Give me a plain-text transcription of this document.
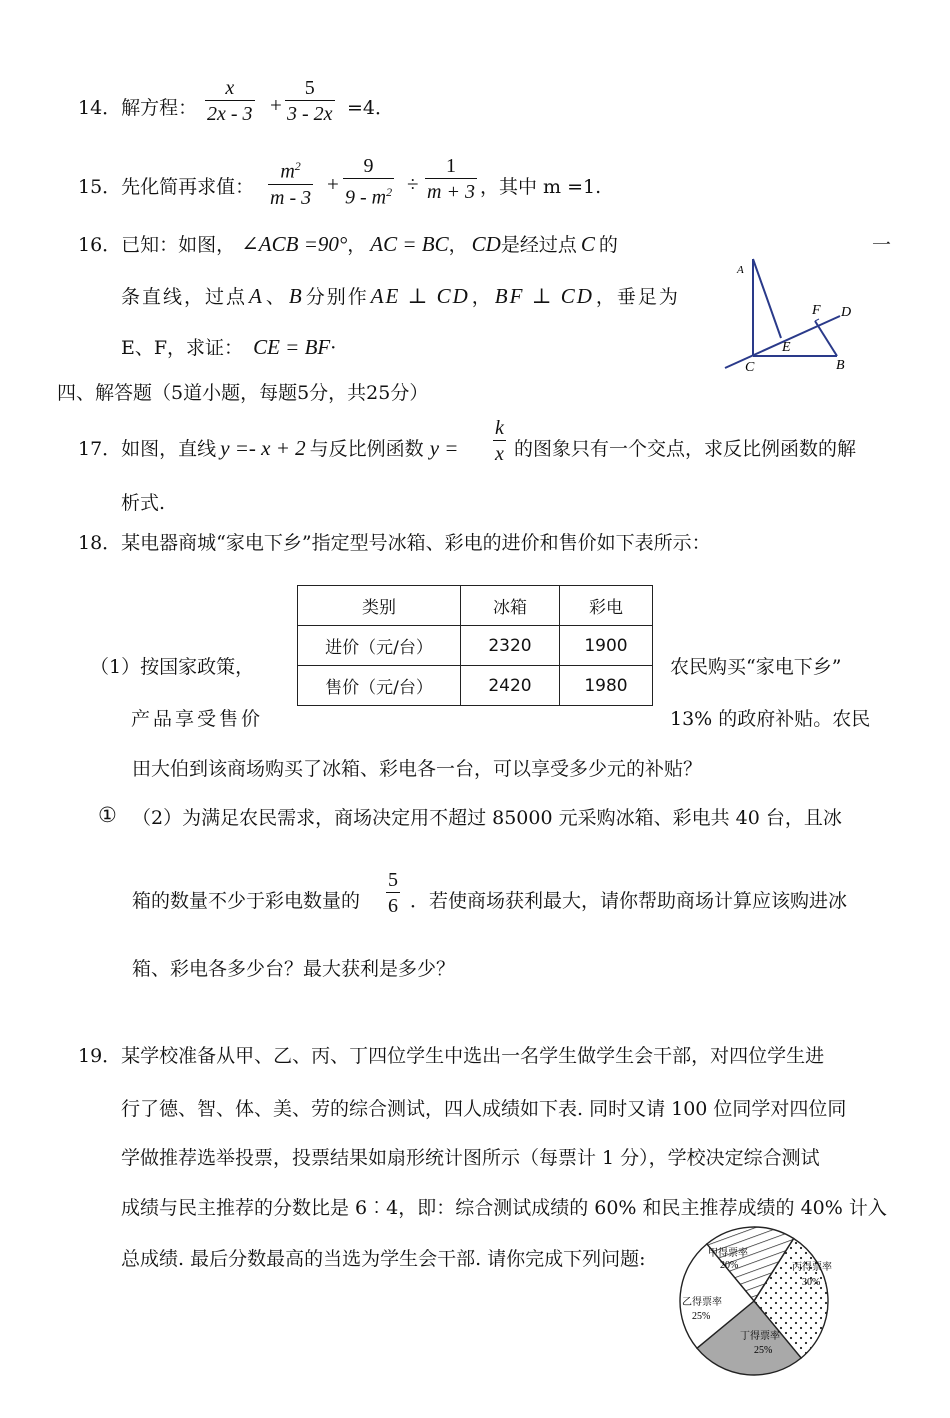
14．解方程：
x
2x - 3 +
5
3 - 2x =4．
15．先化简再求值：
$m^2$
m - 3
+
9
$9 - m^2$ ÷
1
m + 3 ，其中 m =1.
16．已知：如图， ∠ACB =90°， AC = BC， CD是经过点 C 的	一
条直线，过点A 、B 分别作AE ⊥ CD ，BF ⊥ CD ，垂足为
E、F，求证： CE = BF·
A
C
E
F D
B
四、解答题（5道小题，每题5分，共25分）
17．如图，直线 y =- x + 2 与反比例函数 y =
k
x 的图象只有一个交点，求反比例函数的解
析式.
18．某电器商城“家电下乡”指定型号冰箱、彩电的进价和售价如下表所示：
类别	冰箱	彩电
进价（元/台）	2320	1900
售价（元/台）	2420	1980
（1）按国家政策，	农民购买“家电下乡”
产品享受售价	13% 的政府补贴。农民
田大伯到该商场购买了冰箱、彩电各一台，可以享受多少元的补贴？
① （2）为满足农民需求，商场决定用不超过 85000 元采购冰箱、彩电共 40 台，且冰
箱的数量不少于彩电数量的
5
6 ．若使商场获利最大，请你帮助商场计算应该购进冰
箱、彩电各多少台？最大获利是多少？
19．某学校准备从甲、乙、丙、丁四位学生中选出一名学生做学生会干部，对四位学生进
行了德、智、体、美、劳的综合测试，四人成绩如下表. 同时又请 100 位同学对四位同
学做推荐选举投票，投票结果如扇形统计图所示（每票计 1 分），学校决定综合测试
成绩与民主推荐的分数比是 6︰4，即：综合测试成绩的 60% 和民主推荐成绩的 40% 计入
总成绩. 最后分数最高的当选为学生会干部. 请你完成下列问题:	甲得票率
20%	丙得票率
30%
丁得票率
25%
乙得票率
25%
